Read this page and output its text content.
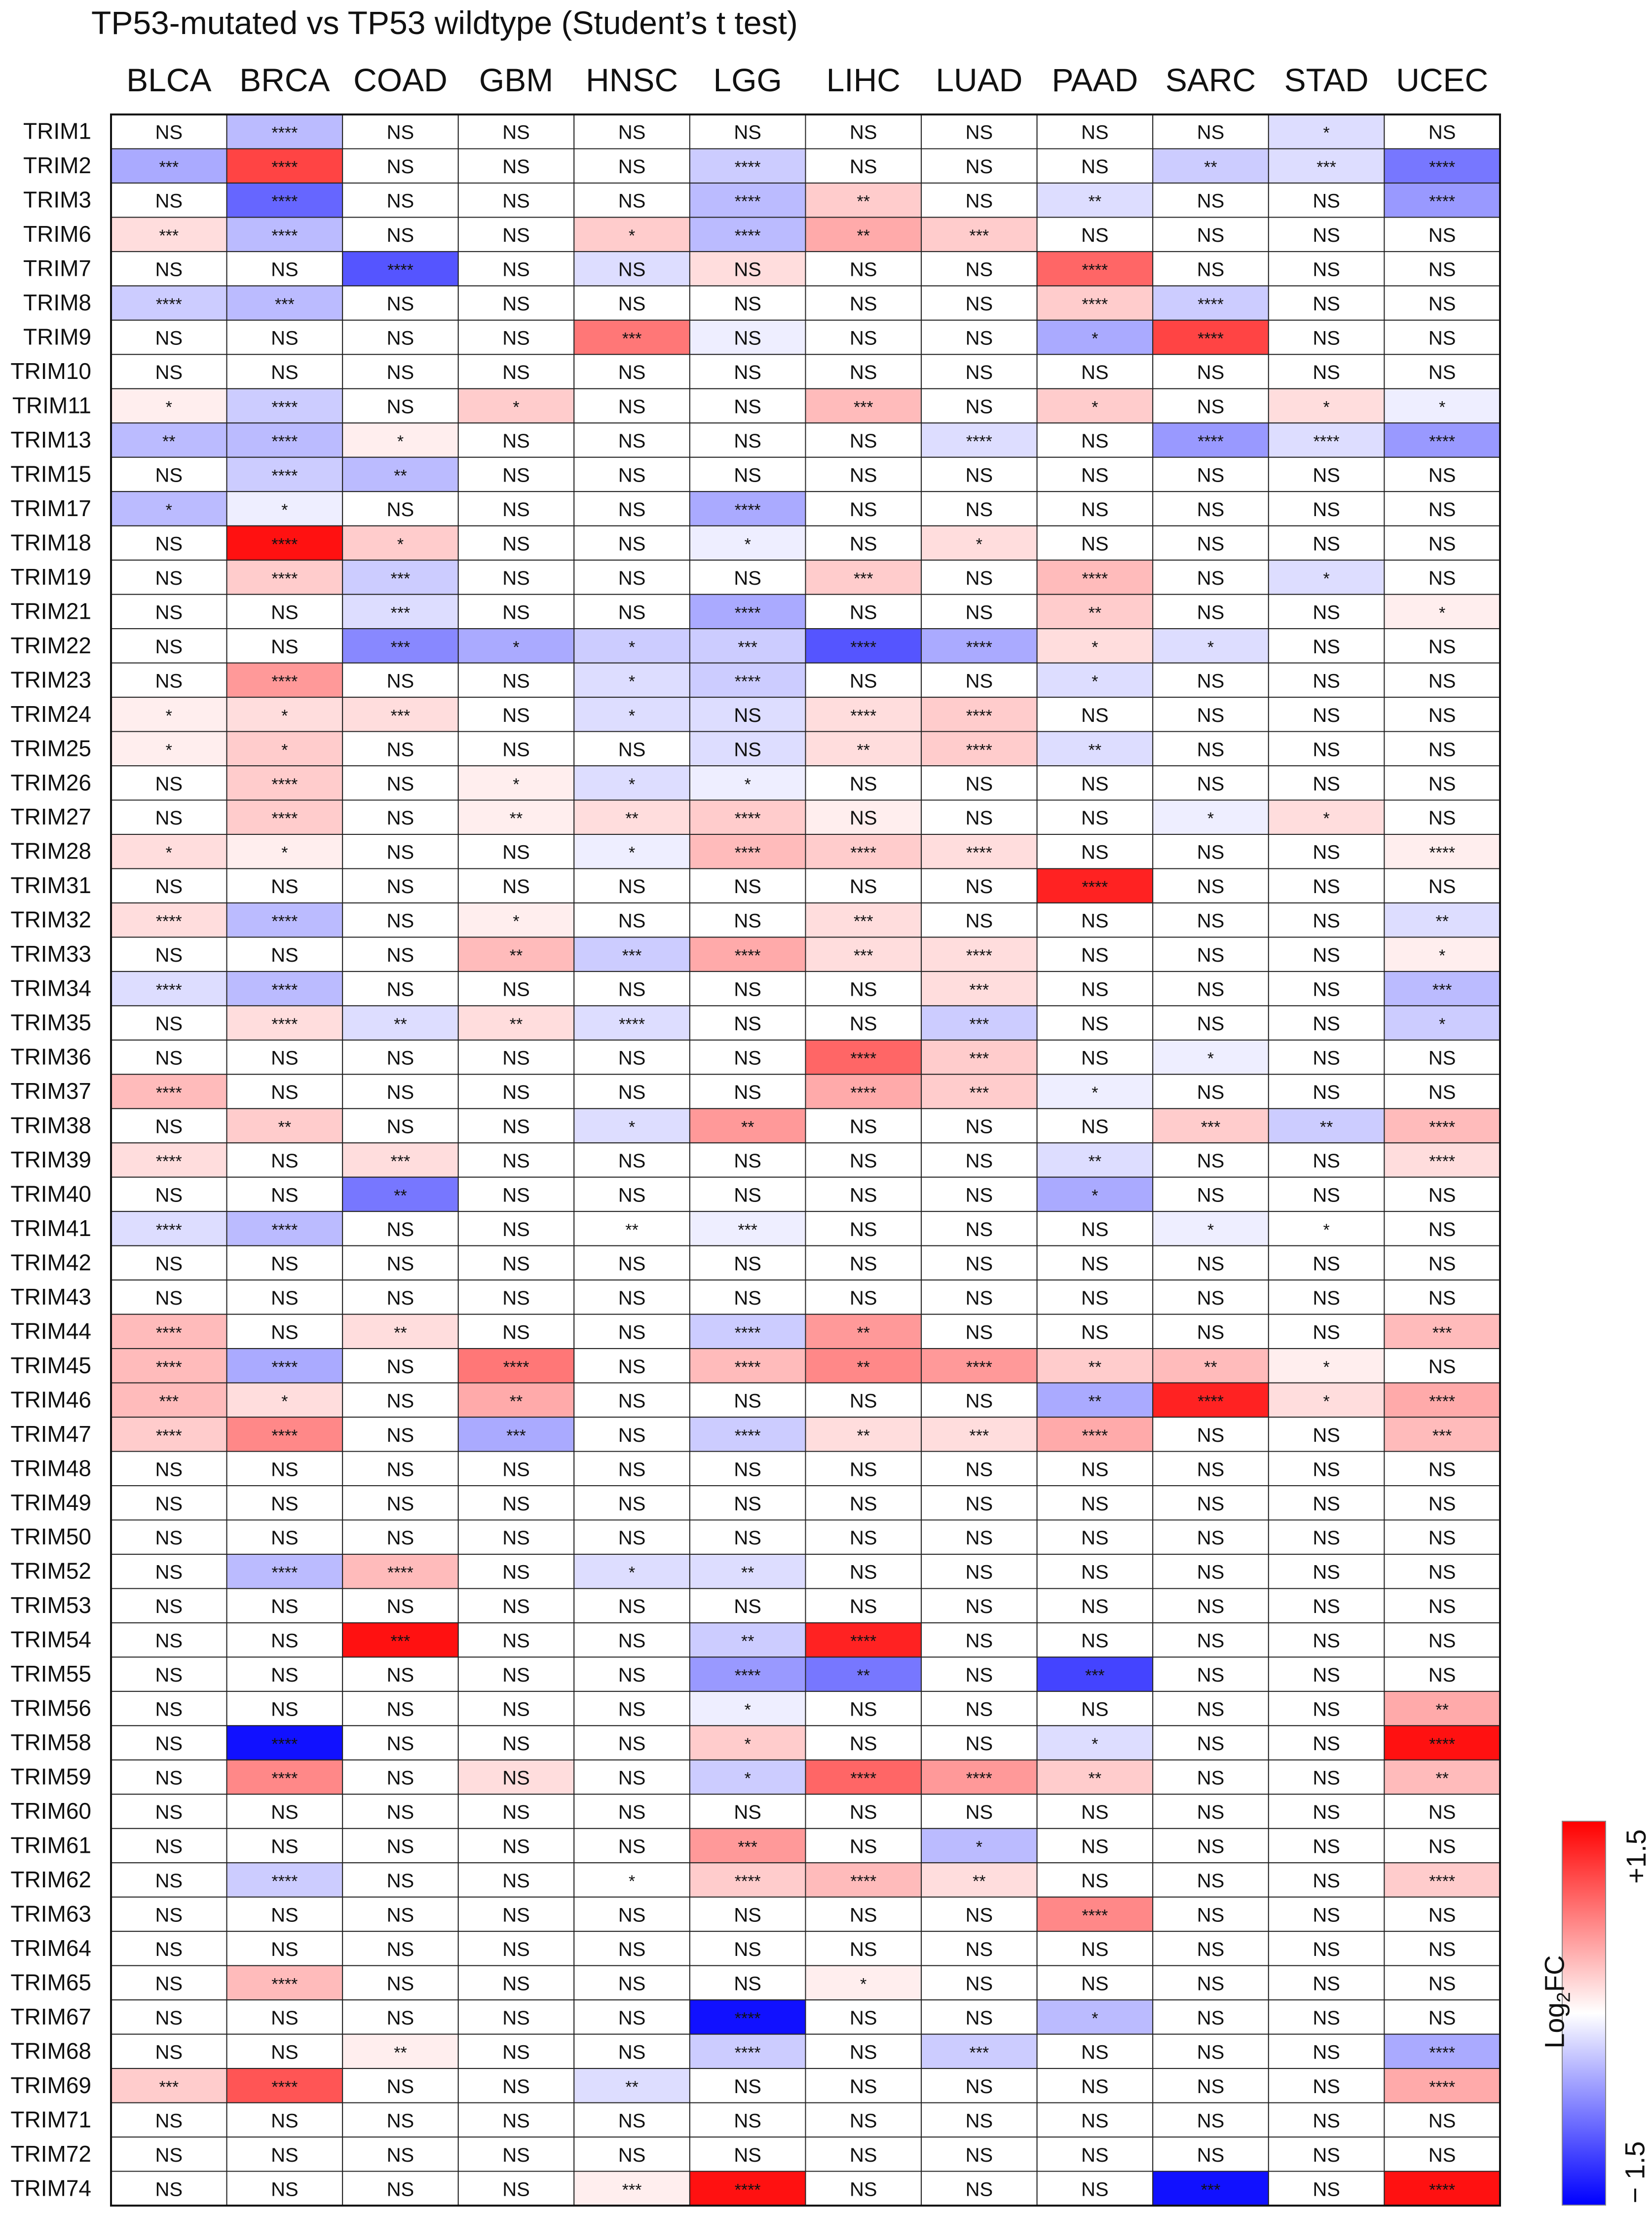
TP53-mutated vs TP53 wildtype (Student’s t test)
BLCA BRCA COAD GBM HNSC LGG LIHC LUAD PAAD SARC STAD UCEC
TRIM1	NS	****	NS	NS	NS	NS	NS	NS	NS	NS	*	NS
TRIM2	***	****	NS	NS	NS	****	NS	NS	NS	**	***	****
TRIM3	NS	****	NS	NS	NS	****	**	NS	**	NS	NS	****
TRIM6	***	****	NS	NS	*	****	**	***	NS	NS	NS	NS
TRIM7	NS	NS	****	NS	NS	NS	NS	NS	****	NS	NS	NS
TRIM8	****	***	NS	NS	NS	NS	NS	NS	****	****	NS	NS
TRIM9	NS	NS	NS	NS	***	NS	NS	NS	*	****	NS	NS
TRIM10	NS	NS	NS	NS	NS	NS	NS	NS	NS	NS	NS	NS
TRIM11	*	****	NS	*	NS	NS	***	NS	*	NS	*	*
TRIM13	**	****	*	NS	NS	NS	NS	****	NS	****	****	****
TRIM15	NS	****	**	NS	NS	NS	NS	NS	NS	NS	NS	NS
TRIM17	*	*	NS	NS	NS	****	NS	NS	NS	NS	NS	NS
TRIM18	NS	****	*	NS	NS	*	NS	*	NS	NS	NS	NS
TRIM19	NS	****	***	NS	NS	NS	***	NS	****	NS	*	NS
TRIM21	NS	NS	***	NS	NS	****	NS	NS	**	NS	NS	*
TRIM22	NS	NS	***	*	*	***	****	****	*	*	NS	NS
TRIM23	NS	****	NS	NS	*	****	NS	NS	*	NS	NS	NS
TRIM24	*	*	***	NS	*	NS	****	****	NS	NS	NS	NS
TRIM25	*	*	NS	NS	NS	NS	**	****	**	NS	NS	NS
TRIM26	NS	****	NS	*	*	*	NS	NS	NS	NS	NS	NS
TRIM27	NS	****	NS	**	**	****	NS	NS	NS	*	*	NS
TRIM28	*	*	NS	NS	*	****	****	****	NS	NS	NS	****
TRIM31	NS	NS	NS	NS	NS	NS	NS	NS	****	NS	NS	NS
TRIM32	****	****	NS	*	NS	NS	***	NS	NS	NS	NS	**
TRIM33	NS	NS	NS	**	***	****	***	****	NS	NS	NS	*
TRIM34	****	****	NS	NS	NS	NS	NS	***	NS	NS	NS	***
TRIM35	NS	****	**	**	****	NS	NS	***	NS	NS	NS	*
TRIM36	NS	NS	NS	NS	NS	NS	****	***	NS	*	NS	NS
TRIM37	****	NS	NS	NS	NS	NS	****	***	*	NS	NS	NS
TRIM38	NS	**	NS	NS	*	**	NS	NS	NS	***	**	****
TRIM39	****	NS	***	NS	NS	NS	NS	NS	**	NS	NS	****
TRIM40	NS	NS	**	NS	NS	NS	NS	NS	*	NS	NS	NS
TRIM41	****	****	NS	NS	**	***	NS	NS	NS	*	*	NS
TRIM42	NS	NS	NS	NS	NS	NS	NS	NS	NS	NS	NS	NS
TRIM43	NS	NS	NS	NS	NS	NS	NS	NS	NS	NS	NS	NS
TRIM44	****	NS	**	NS	NS	****	**	NS	NS	NS	NS	***
TRIM45	****	****	NS	****	NS	****	**	****	**	**	*	NS
TRIM46	***	*	NS	**	NS	NS	NS	NS	**	****	*	****
TRIM47	****	****	NS	***	NS	****	**	***	****	NS	NS	***
TRIM48	NS	NS	NS	NS	NS	NS	NS	NS	NS	NS	NS	NS
TRIM49	NS	NS	NS	NS	NS	NS	NS	NS	NS	NS	NS	NS
TRIM50	NS	NS	NS	NS	NS	NS	NS	NS	NS	NS	NS	NS
TRIM52	NS	****	****	NS	*	**	NS	NS	NS	NS	NS	NS
TRIM53	NS	NS	NS	NS	NS	NS	NS	NS	NS	NS	NS	NS
TRIM54	NS	NS	***	NS	NS	**	****	NS	NS	NS	NS	NS
TRIM55	NS	NS	NS	NS	NS	****	**	NS	***	NS	NS	NS
TRIM56	NS	NS	NS	NS	NS	*	NS	NS	NS	NS	NS	**
TRIM58	NS	****	NS	NS	NS	*	NS	NS	*	NS	NS	****
TRIM59	NS	****	NS	NS	NS	*	****	****	**	NS	NS	**
TRIM60	NS	NS	NS	NS	NS	NS	NS	NS	NS	NS	NS	NS
TRIM61	NS	NS	NS	NS	NS	***	NS	*	NS	NS	NS	NS
TRIM62	NS	****	NS	NS	*	****	****	**	NS	NS	NS	****
TRIM63	NS	NS	NS	NS	NS	NS	NS	NS	****	NS	NS	NS
TRIM64	NS	NS	NS	NS	NS	NS	NS	NS	NS	NS	NS	NS
TRIM65	NS	****	NS	NS	NS	NS	*	NS	NS	NS	NS	NS
TRIM67	NS	NS	NS	NS	NS	****	NS	NS	*	NS	NS	NS
TRIM68	NS	NS	**	NS	NS	****	NS	***	NS	NS	NS	****
TRIM69	***	****	NS	NS	**	NS	NS	NS	NS	NS	NS	****
TRIM71	NS	NS	NS	NS	NS	NS	NS	NS	NS	NS	NS	NS
TRIM72	NS	NS	NS	NS	NS	NS	NS	NS	NS	NS	NS	NS
TRIM74	NS	NS	NS	NS	***	****	NS	NS	NS	***	NS	****
+1.5
− 1.5
Log$_2$FC
